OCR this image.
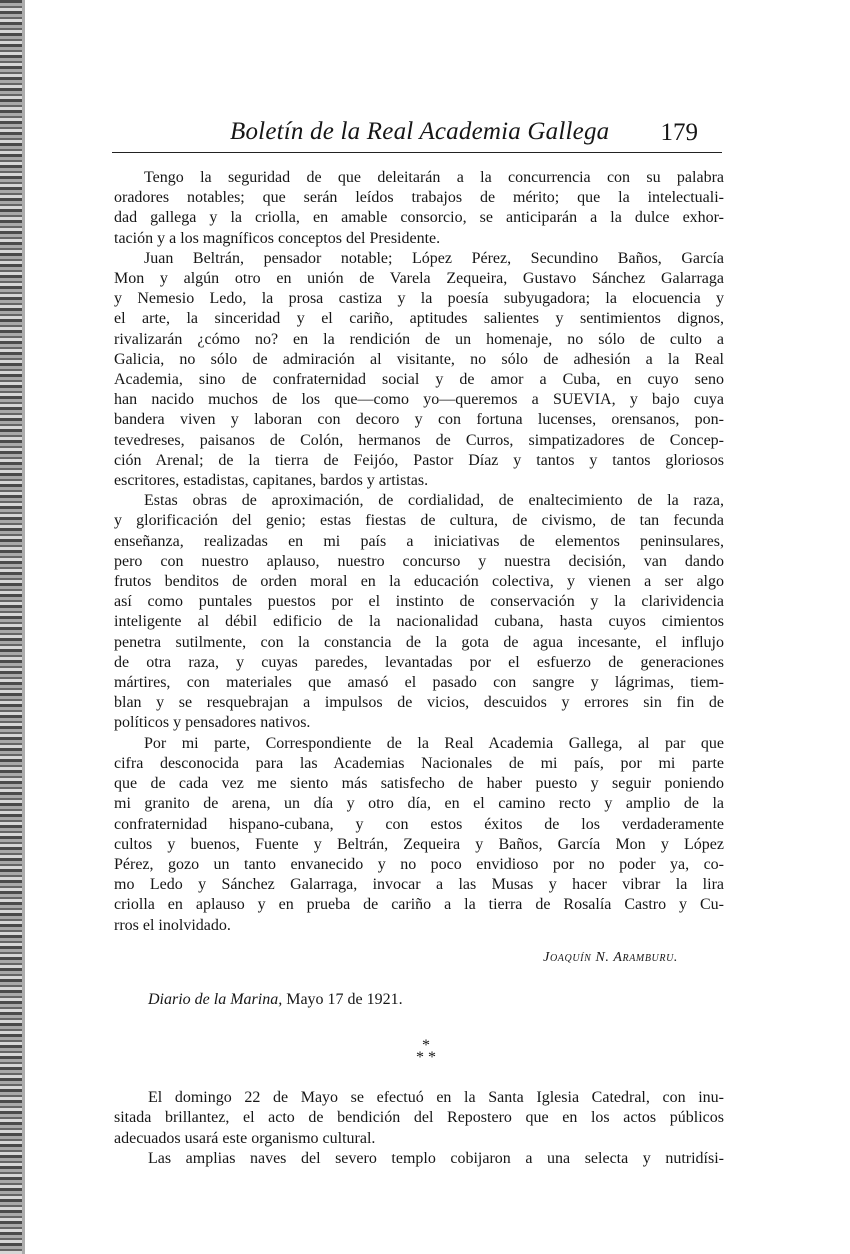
Boletín de la Real Academia Gallega 179

Tengo la seguridad de que deleitarán a la concurrencia con su palabra
oradores notables; que serán leídos trabajos de mérito; que la intelectuali-
dad gallega y la criolla, en amable consorcio, se anticiparán a la dulce exhor-
tación y a los magníficos conceptos del Presidente.

Juan Beltrán, pensador notable; López Pérez, Secundino Baños, García
Mon y algún otro en unión de Varela Zequeira, Gustavo Sánchez Galarraga
y Nemesio Ledo, la prosa castiza y la poesía subyugadora; la elocuencia y
el arte, la sinceridad y el cariño, aptitudes salientes y sentimientos dignos,
rivalizarán ¿cómo no? en la rendición de un homenaje, no sólo de culto a
Galicia, no sólo de admiración al visitante, no sólo de adhesión a la Real
Academia, sino de confraternidad social y de amor a Cuba, en cuyo seno
han nacido muchos de los que—como yo—queremos a SUEVIA, y bajo cuya
bandera viven y laboran con decoro y con fortuna lucenses, orensanos, pon-
tevedreses, paisanos de Colón, hermanos de Curros, simpatizadores de Concep-
ción Arenal; de la tierra de Feijóo, Pastor Díaz y tantos y tantos gloriosos
escritores, estadistas, capitanes, bardos y artistas.

Estas obras de aproximación, de cordialidad, de enaltecimiento de la raza,
y glorificación del genio; estas fiestas de cultura, de civismo, de tan fecunda
enseñanza, realizadas en mi país a iniciativas de elementos peninsulares,
pero con nuestro aplauso, nuestro concurso y nuestra decisión, van dando
frutos benditos de orden moral en la educación colectiva, y vienen a ser algo
así como puntales puestos por el instinto de conservación y la clarividencia
inteligente al débil edificio de la nacionalidad cubana, hasta cuyos cimientos
penetra sutilmente, con la constancia de la gota de agua incesante, el influjo
de otra raza, y cuyas paredes, levantadas por el esfuerzo de generaciones
mártires, con materiales que amasó el pasado con sangre y lágrimas, tiem-
blan y se resquebrajan a impulsos de vicios, descuidos y errores sin fin de
políticos y pensadores nativos.

Por mi parte, Correspondiente de la Real Academia Gallega, al par que
cifra desconocida para las Academias Nacionales de mi país, por mi parte
que de cada vez me siento más satisfecho de haber puesto y seguir poniendo
mi granito de arena, un día y otro día, en el camino recto y amplio de la
confraternidad hispano-cubana, y con estos éxitos de los verdaderamente
cultos y buenos, Fuente y Beltrán, Zequeira y Baños, García Mon y López
Pérez, gozo un tanto envanecido y no poco envidioso por no poder ya, co-
mo Ledo y Sánchez Galarraga, invocar a las Musas y hacer vibrar la lira
criolla en aplauso y en prueba de cariño a la tierra de Rosalía Castro y Cu-
rros el inolvidado.

Joaquín N. Aramburu.
Diario de la Marina, Mayo 17 de 1921.
*
* *

El domingo 22 de Mayo se efectuó en la Santa Iglesia Catedral, con inu-
sitada brillantez, el acto de bendición del Repostero que en los actos públicos
adecuados usará este organismo cultural.

Las amplias naves del severo templo cobijaron a una selecta y nutridísi-
